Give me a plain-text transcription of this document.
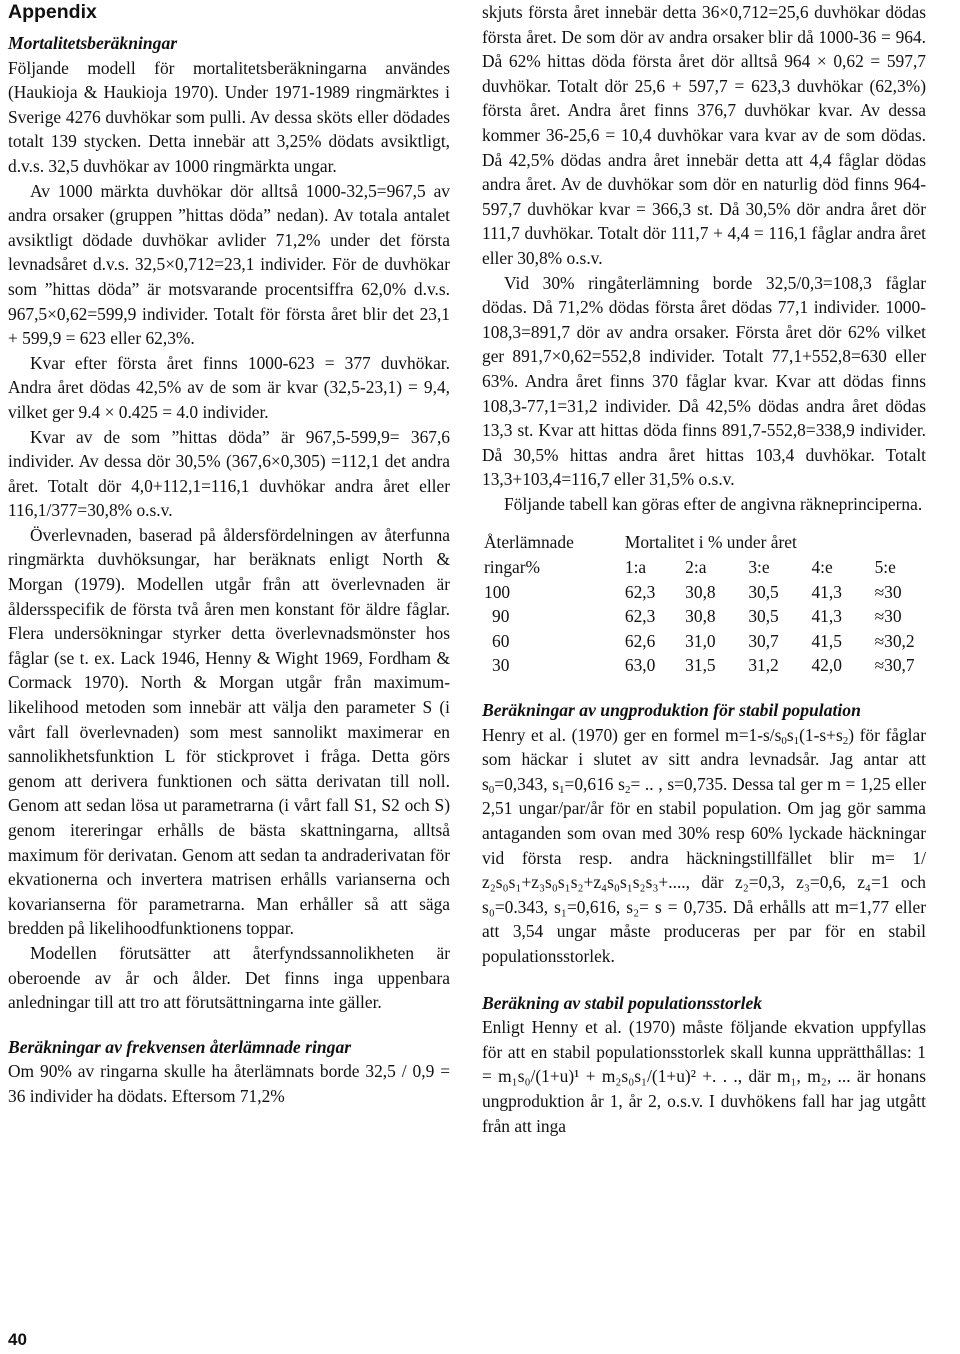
Appendix
Mortalitetsberäkningar

Följande modell för mortalitetsberäkningarna användes (Haukioja & Haukioja 1970). Under 1971-1989 ringmärktes i Sverige 4276 duvhökar som pulli. Av dessa sköts eller dödades totalt 139 stycken. Detta innebär att 3,25% dödats avsiktligt, d.v.s. 32,5 duvhökar av 1000 ringmärkta ungar.

Av 1000 märkta duvhökar dör alltså 1000-32,5=967,5 av andra orsaker (gruppen ”hittas döda” nedan). Av totala antalet avsiktligt dödade duvhökar avlider 71,2% under det första levnadsåret d.v.s. 32,5×0,712=23,1 individer. För de duvhökar som ”hittas döda” är motsvarande procentsiffra 62,0% d.v.s. 967,5×0,62=599,9 individer. Totalt för första året blir det 23,1 + 599,9 = 623 eller 62,3%.

Kvar efter första året finns 1000-623 = 377 duvhökar. Andra året dödas 42,5% av de som är kvar (32,5-23,1) = 9,4, vilket ger 9.4 × 0.425 = 4.0 individer.

Kvar av de som ”hittas döda” är 967,5-599,9= 367,6 individer. Av dessa dör 30,5% (367,6×0,305) =112,1 det andra året. Totalt dör 4,0+112,1=116,1 duvhökar andra året eller 116,1/377=30,8% o.s.v.

Överlevnaden, baserad på åldersfördelningen av återfunna ringmärkta duvhöksungar, har beräknats enligt North & Morgan (1979). Modellen utgår från att överlevnaden är åldersspecifik de första två åren men konstant för äldre fåglar. Flera undersökningar styrker detta överlevnadsmönster hos fåglar (se t. ex. Lack 1946, Henny & Wight 1969, Fordham & Cormack 1970). North & Morgan utgår från maximum-likelihood metoden som innebär att välja den parameter S (i vårt fall överlevnaden) som mest sannolikt maximerar en sannolikhetsfunktion L för stickprovet i fråga. Detta görs genom att derivera funktionen och sätta derivatan till noll. Genom att sedan lösa ut parametrarna (i vårt fall S1, S2 och S) genom itereringar erhålls de bästa skattningarna, alltså maximum för derivatan. Genom att sedan ta andraderivatan för ekvationerna och invertera matrisen erhålls varianserna och kovarianserna för parametrarna. Man erhåller så att säga bredden på likelihoodfunktionens toppar.

Modellen förutsätter att återfyndssannolikheten är oberoende av år och ålder. Det finns inga uppenbara anledningar till att tro att förutsättningarna inte gäller.

Beräkningar av frekvensen återlämnade ringar

Om 90% av ringarna skulle ha återlämnats borde 32,5 / 0,9 = 36 individer ha dödats. Eftersom 71,2%

skjuts första året innebär detta 36×0,712=25,6 duvhökar dödas första året. De som dör av andra orsaker blir då 1000-36 = 964. Då 62% hittas döda första året dör alltså 964 × 0,62 = 597,7 duvhökar. Totalt dör 25,6 + 597,7 = 623,3 duvhökar (62,3%) första året. Andra året finns 376,7 duvhökar kvar. Av dessa kommer 36-25,6 = 10,4 duvhökar vara kvar av de som dödas. Då 42,5% dödas andra året innebär detta att 4,4 fåglar dödas andra året. Av de duvhökar som dör en naturlig död finns 964-597,7 duvhökar kvar = 366,3 st. Då 30,5% dör andra året dör 111,7 duvhökar. Totalt dör 111,7 + 4,4 = 116,1 fåglar andra året eller 30,8% o.s.v.

Vid 30% ringåterlämning borde 32,5/0,3=108,3 fåglar dödas. Då 71,2% dödas första året dödas 77,1 individer. 1000-108,3=891,7 dör av andra orsaker. Första året dör 62% vilket ger 891,7×0,62=552,8 individer. Totalt 77,1+552,8=630 eller 63%. Andra året finns 370 fåglar kvar. Kvar att dödas finns 108,3-77,1=31,2 individer. Då 42,5% dödas andra året dödas 13,3 st. Kvar att hittas döda finns 891,7-552,8=338,9 individer. Då 30,5% hittas andra året hittas 103,4 duvhökar. Totalt 13,3+103,4=116,7 eller 31,5% o.s.v.

Följande tabell kan göras efter de angivna räkneprinciperna.

Återlämnade	Mortalitet i % under året				
ringar%	1:a	2:a	3:e	4:e	5:e
100	62,3	30,8	30,5	41,3	≈30
90	62,3	30,8	30,5	41,3	≈30
60	62,6	31,0	30,7	41,5	≈30,2
30	63,0	31,5	31,2	42,0	≈30,7
Beräkningar av ungproduktion för stabil population

Henry et al. (1970) ger en formel $m=1-s/s_0s_1(1-s+s_2)$ för fåglar som häckar i slutet av sitt andra levnadsår. Jag antar att $s_0=0,343$, $s_1=0,616$ $s_2=$ .. , s=0,735. Dessa tal ger m = 1,25 eller 2,51 ungar/par/år för en stabil population. Om jag gör samma antaganden som ovan med 30% resp 60% lyckade häckningar vid första resp. andra häckningstillfället blir m= 1/ z₂s₀s₁+z₃s₀s₁s₂+z₄s₀s₁s₂s₃+...., där z₂=0,3, z₃=0,6, z₄=1 och s₀=0.343, s₁=0,616, s₂= s = 0,735. Då erhålls att m=1,77 eller att 3,54 ungar måste produceras per par för en stabil populationsstorlek.

Beräkning av stabil populationsstorlek

Enligt Henny et al. (1970) måste följande ekvation uppfyllas för att en stabil populationsstorlek skall kunna upprätthållas: 1 = m₁s₀/(1+u)¹ + m₂s₀s₁/(1+u)² +. . ., där m₁, m₂, ... är honans ungproduktion år 1, år 2, o.s.v. I duvhökens fall har jag utgått från att inga

40
